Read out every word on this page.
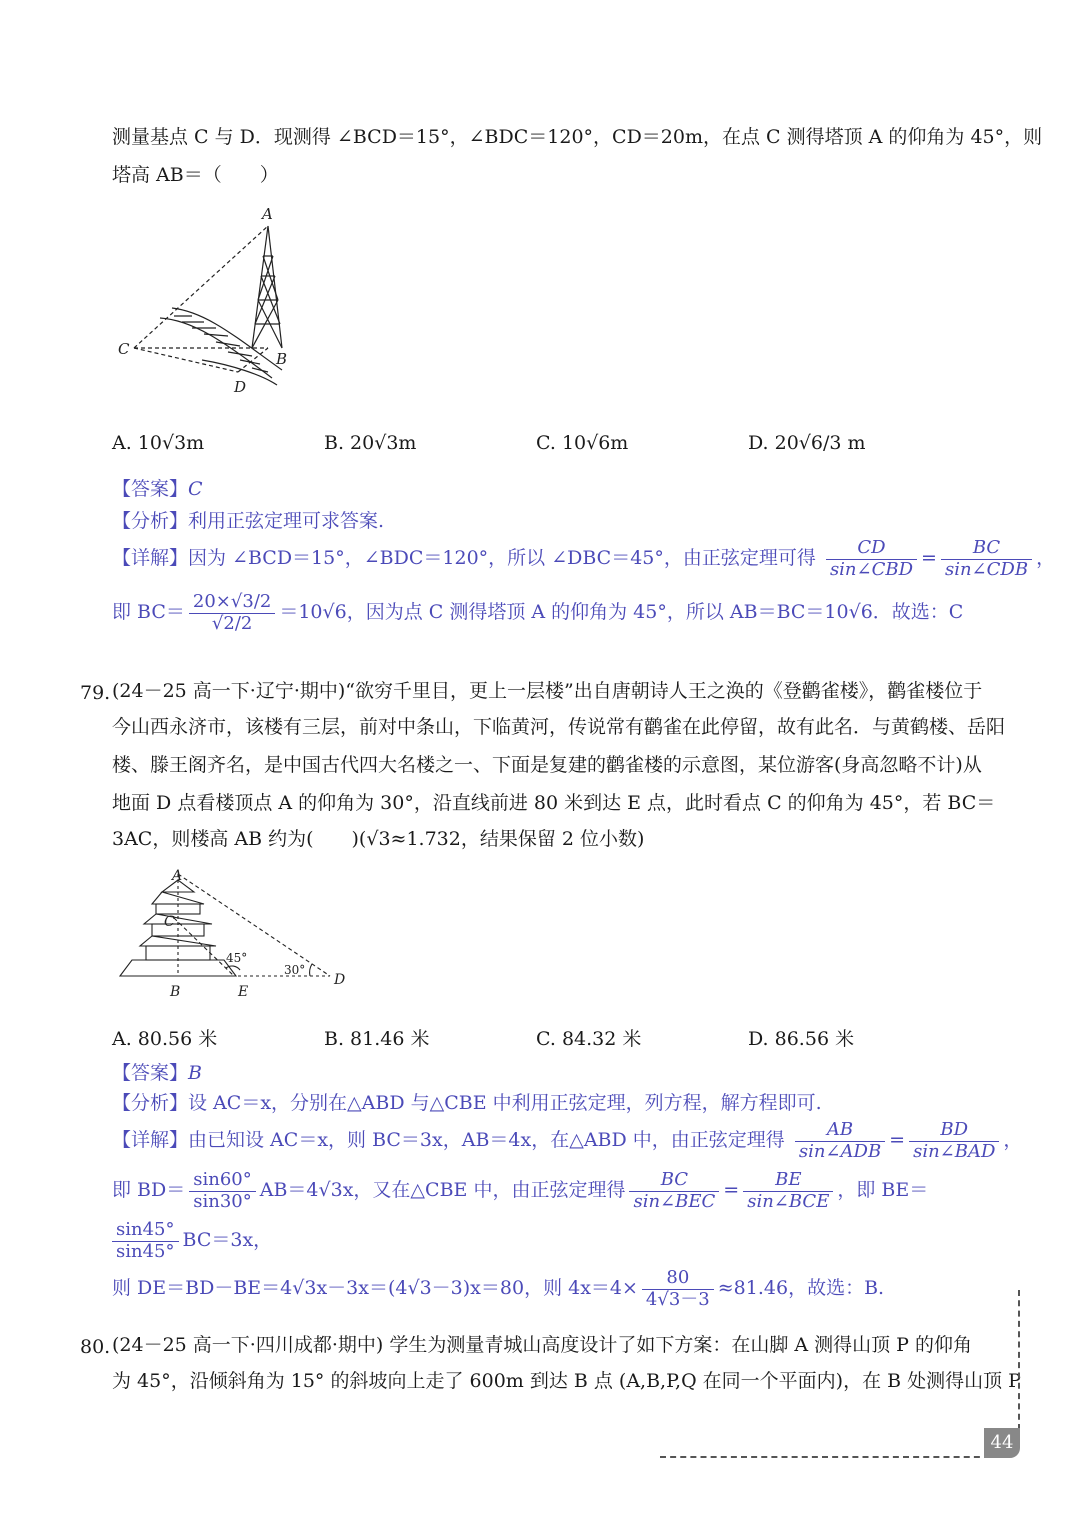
测量基点 C 与 D．现测得 ∠BCD＝15°，∠BDC＝120°，CD＝20m，在点 C 测得塔顶 A 的仰角为 45°，则
塔高 AB＝（　　）
A
C
B
D
A. 10√3m	B. 20√3m	C. 10√6m	D. 20√6/3 m
【答案】C
【分析】利用正弦定理可求答案.
【详解】因为 ∠BCD＝15°，∠BDC＝120°，所以 ∠DBC＝45°，由正弦定理可得 $\frac{CD}{\text{sin∠CBD}} = \frac{BC}{\text{sin∠CDB}}$ ，
即 $BC= \frac{20\times√3/2}{√2/2} =10√6$，因为点 C 测得塔顶 A 的仰角为 45°，所以 AB＝BC＝10√6．故选：C
79. (24－25 高一下·辽宁·期中)“欲穷千里目，更上一层楼”出自唐朝诗人王之涣的《登鹳雀楼》，鹳雀楼位于
今山西永济市，该楼有三层，前对中条山，下临黄河，传说常有鹳雀在此停留，故有此名．与黄鹤楼、岳阳
楼、滕王阁齐名，是中国古代四大名楼之一、下面是复建的鹳雀楼的示意图，某位游客(身高忽略不计)从
地面 D 点看楼顶点 A 的仰角为 30°，沿直线前进 80 米到达 E 点，此时看点 C 的仰角为 45°，若 BC＝
3AC，则楼高 AB 约为(　　)(√3≈1.732，结果保留 2 位小数)
A
C
B	E
D
45°
30°
A. 80.56 米	B. 81.46 米	C. 84.32 米	D. 86.56 米
【答案】B
【分析】设 AC＝x，分别在△ABD 与△CBE 中利用正弦定理，列方程，解方程即可.
【详解】由已知设 AC＝x，则 BC＝3x，AB＝4x，在△ABD 中，由正弦定理得 $\frac{AB}{\text{sin∠ADB}} = \frac{BD}{\text{sin∠BAD}}$ ，
即 $BD= \frac{\sin 60^\circ}{\sin 30^\circ} AB=4√3x$，又在△CBE 中，由正弦定理得 $\frac{BC}{\text{sin∠BEC}} = \frac{BE}{\text{sin∠BCE}}$ ，即 BE＝
$\frac{\sin 45^\circ}{\sin 45^\circ} BC=3x$，
则 DE＝BD－BE＝4√3x－3x＝(4√3－3)x＝80，则 $4x=4\times \frac{80}{4√3-3} \approx 81.46$，故选：B.
80. (24－25 高一下·四川成都·期中) 学生为测量青城山高度设计了如下方案：在山脚 A 测得山顶 P 的仰角
为 45°，沿倾斜角为 15° 的斜坡向上走了 600m 到达 B 点 (A,B,P,Q 在同一个平面内)，在 B 处测得山顶 P
44
